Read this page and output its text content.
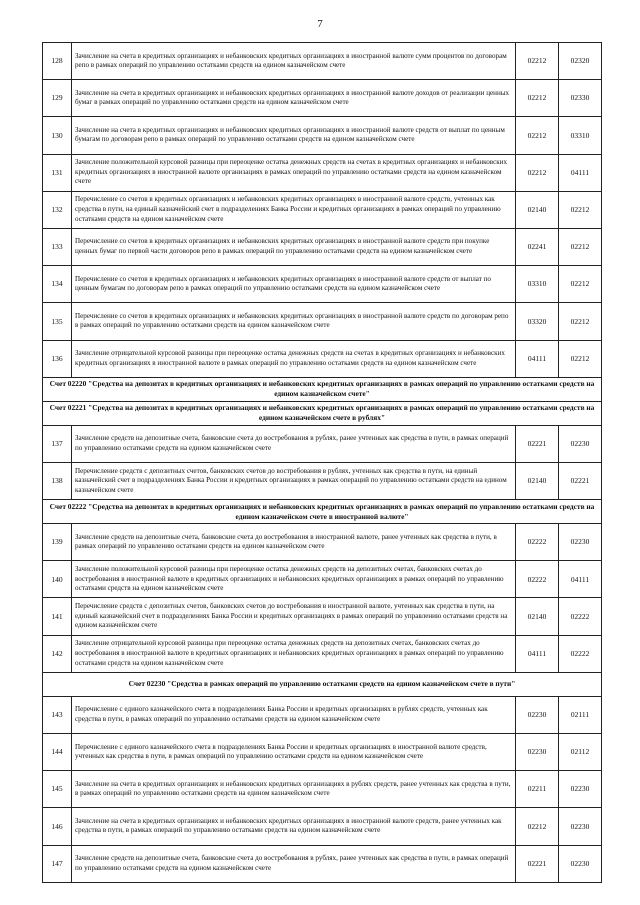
7
128	Зачисление на счета в кредитных организациях и небанковских кредитных организациях в иностранной валюте сумм процентов по договорам репо в рамках операций по управлению остатками средств на едином казначейском счете	02212	02320
129	Зачисление на счета в кредитных организациях и небанковских кредитных организациях в иностранной валюте доходов от реализации ценных бумаг в рамках операций по управлению остатками средств на едином казначейском счете	02212	02330
130	Зачисление на счета в кредитных организациях и небанковских кредитных организациях в иностранной валюте средств от выплат по ценным бумагам по договорам репо в рамках операций по управлению остатками средств на едином казначейском счете	02212	03310
131	Зачисление положительной курсовой разницы при переоценке остатка денежных средств на счетах в кредитных организациях и небанковских кредитных организациях в иностранной валюте организациях в рамках операций по управлению остатками средств на едином казначейском счете	02212	04111
132	Перечисление со счетов в кредитных организациях и небанковских кредитных организациях в иностранной валюте средств, учтенных как средства в пути, на единый казначейский счет в подразделениях Банка России и кредитных организациях в рамках операций по управлению остатками средств на едином казначейском счете	02140	02212
133	Перечисление со счетов в кредитных организациях и небанковских кредитных организациях в иностранной валюте средств при покупке ценных бумаг по первой части договоров репо в рамках операций по управлению остатками средств на едином казначейском счете	02241	02212
134	Перечисление со счетов в кредитных организациях и небанковских кредитных организациях в иностранной валюте средств от выплат по ценным бумагам по договорам репо в рамках операций по управлению остатками средств на едином казначейском счете	03310	02212
135	Перечисление со счетов в кредитных организациях и небанковских кредитных организациях в иностранной валюте средств по договорам репо в рамках операций по управлению остатками средств на едином казначейском счете	03320	02212
136	Зачисление отрицательной курсовой разницы при переоценке остатка денежных средств на счетах в кредитных организациях и небанковских кредитных организациях в иностранной валюте в рамках операций по управлению остатками средств на едином казначейском счете	04111	02212
Счет 02220 "Средства на депозитах в кредитных организациях и небанковских кредитных организациях в рамках операций по управлению остатками средств на едином казначейском счете"			
Счет 02221 "Средства на депозитах в кредитных организациях и небанковских кредитных организациях в рамках операций по управлению остатками средств на едином казначейском счете в рублях"			
137	Зачисление средств на депозитные счета, банковские счета до востребования в рублях, ранее учтенных как средства в пути, в рамках операций по управлению остатками средств на едином казначейском счете	02221	02230
138	Перечисление средств с депозитных счетов, банковских счетов до востребования в рублях, учтенных как средства в пути, на единый казначейский счет в подразделениях Банка России и кредитных организациях в рамках операций по управлению остатками средств на едином казначейском счете	02140	02221
Счет 02222 "Средства на депозитах в кредитных организациях и небанковских кредитных организациях в рамках операций по управлению остатками средств на едином казначейском счете в иностранной валюте"			
139	Зачисление средств на депозитные счета, банковские счета до востребования в иностранной валюте, ранее учтенных как средства в пути, в рамках операций по управлению остатками средств на едином казначейском счете	02222	02230
140	Зачисление положительной курсовой разницы при переоценке остатка денежных средств на депозитных счетах, банковских счетах до востребования в иностранной валюте в кредитных организациях и небанковских кредитных организациях в рамках операций по управлению остатками средств на едином казначейском счете	02222	04111
141	Перечисление средств с депозитных счетов, банковских счетов до востребования в иностранной валюте, учтенных как средства в пути, на единый казначейский счет в подразделениях Банка России и кредитных организациях в рамках операций по управлению остатками средств на едином казначейском счете	02140	02222
142	Зачисление отрицательной курсовой разницы при переоценке остатка денежных средств на депозитных счетах, банковских счетах до востребования в иностранной валюте в кредитных организациях и небанковских кредитных организациях в рамках операций по управлению остатками средств на едином казначейском счете	04111	02222
Счет 02230 "Средства в рамках операций по управлению остатками средств на едином казначейском счете в пути"			
143	Перечисление с единого казначейского счета в подразделениях Банка России и кредитных организациях в рублях средств, учтенных как средства в пути, в рамках операций по управлению остатками средств на едином казначейском счете	02230	02111
144	Перечисление с единого казначейского счета в подразделениях Банка России и кредитных организациях в иностранной валюте средств, учтенных как средства в пути, в рамках операций по управлению остатками средств на едином казначейском счете	02230	02112
145	Зачисление на счета в кредитных организациях и небанковских кредитных организациях в рублях средств, ранее учтенных как средства в пути, в рамках операций по управлению остатками средств на едином казначейском счете	02211	02230
146	Зачисление на счета в кредитных организациях и небанковских кредитных организациях в иностранной валюте средств, ранее учтенных как средства в пути, в рамках операций по управлению остатками средств на едином казначейском счете	02212	02230
147	Зачисление средств на депозитные счета, банковские счета до востребования в рублях, ранее учтенных как средства в пути, в рамках операций по управлению остатками средств на едином казначейском счете	02221	02230
